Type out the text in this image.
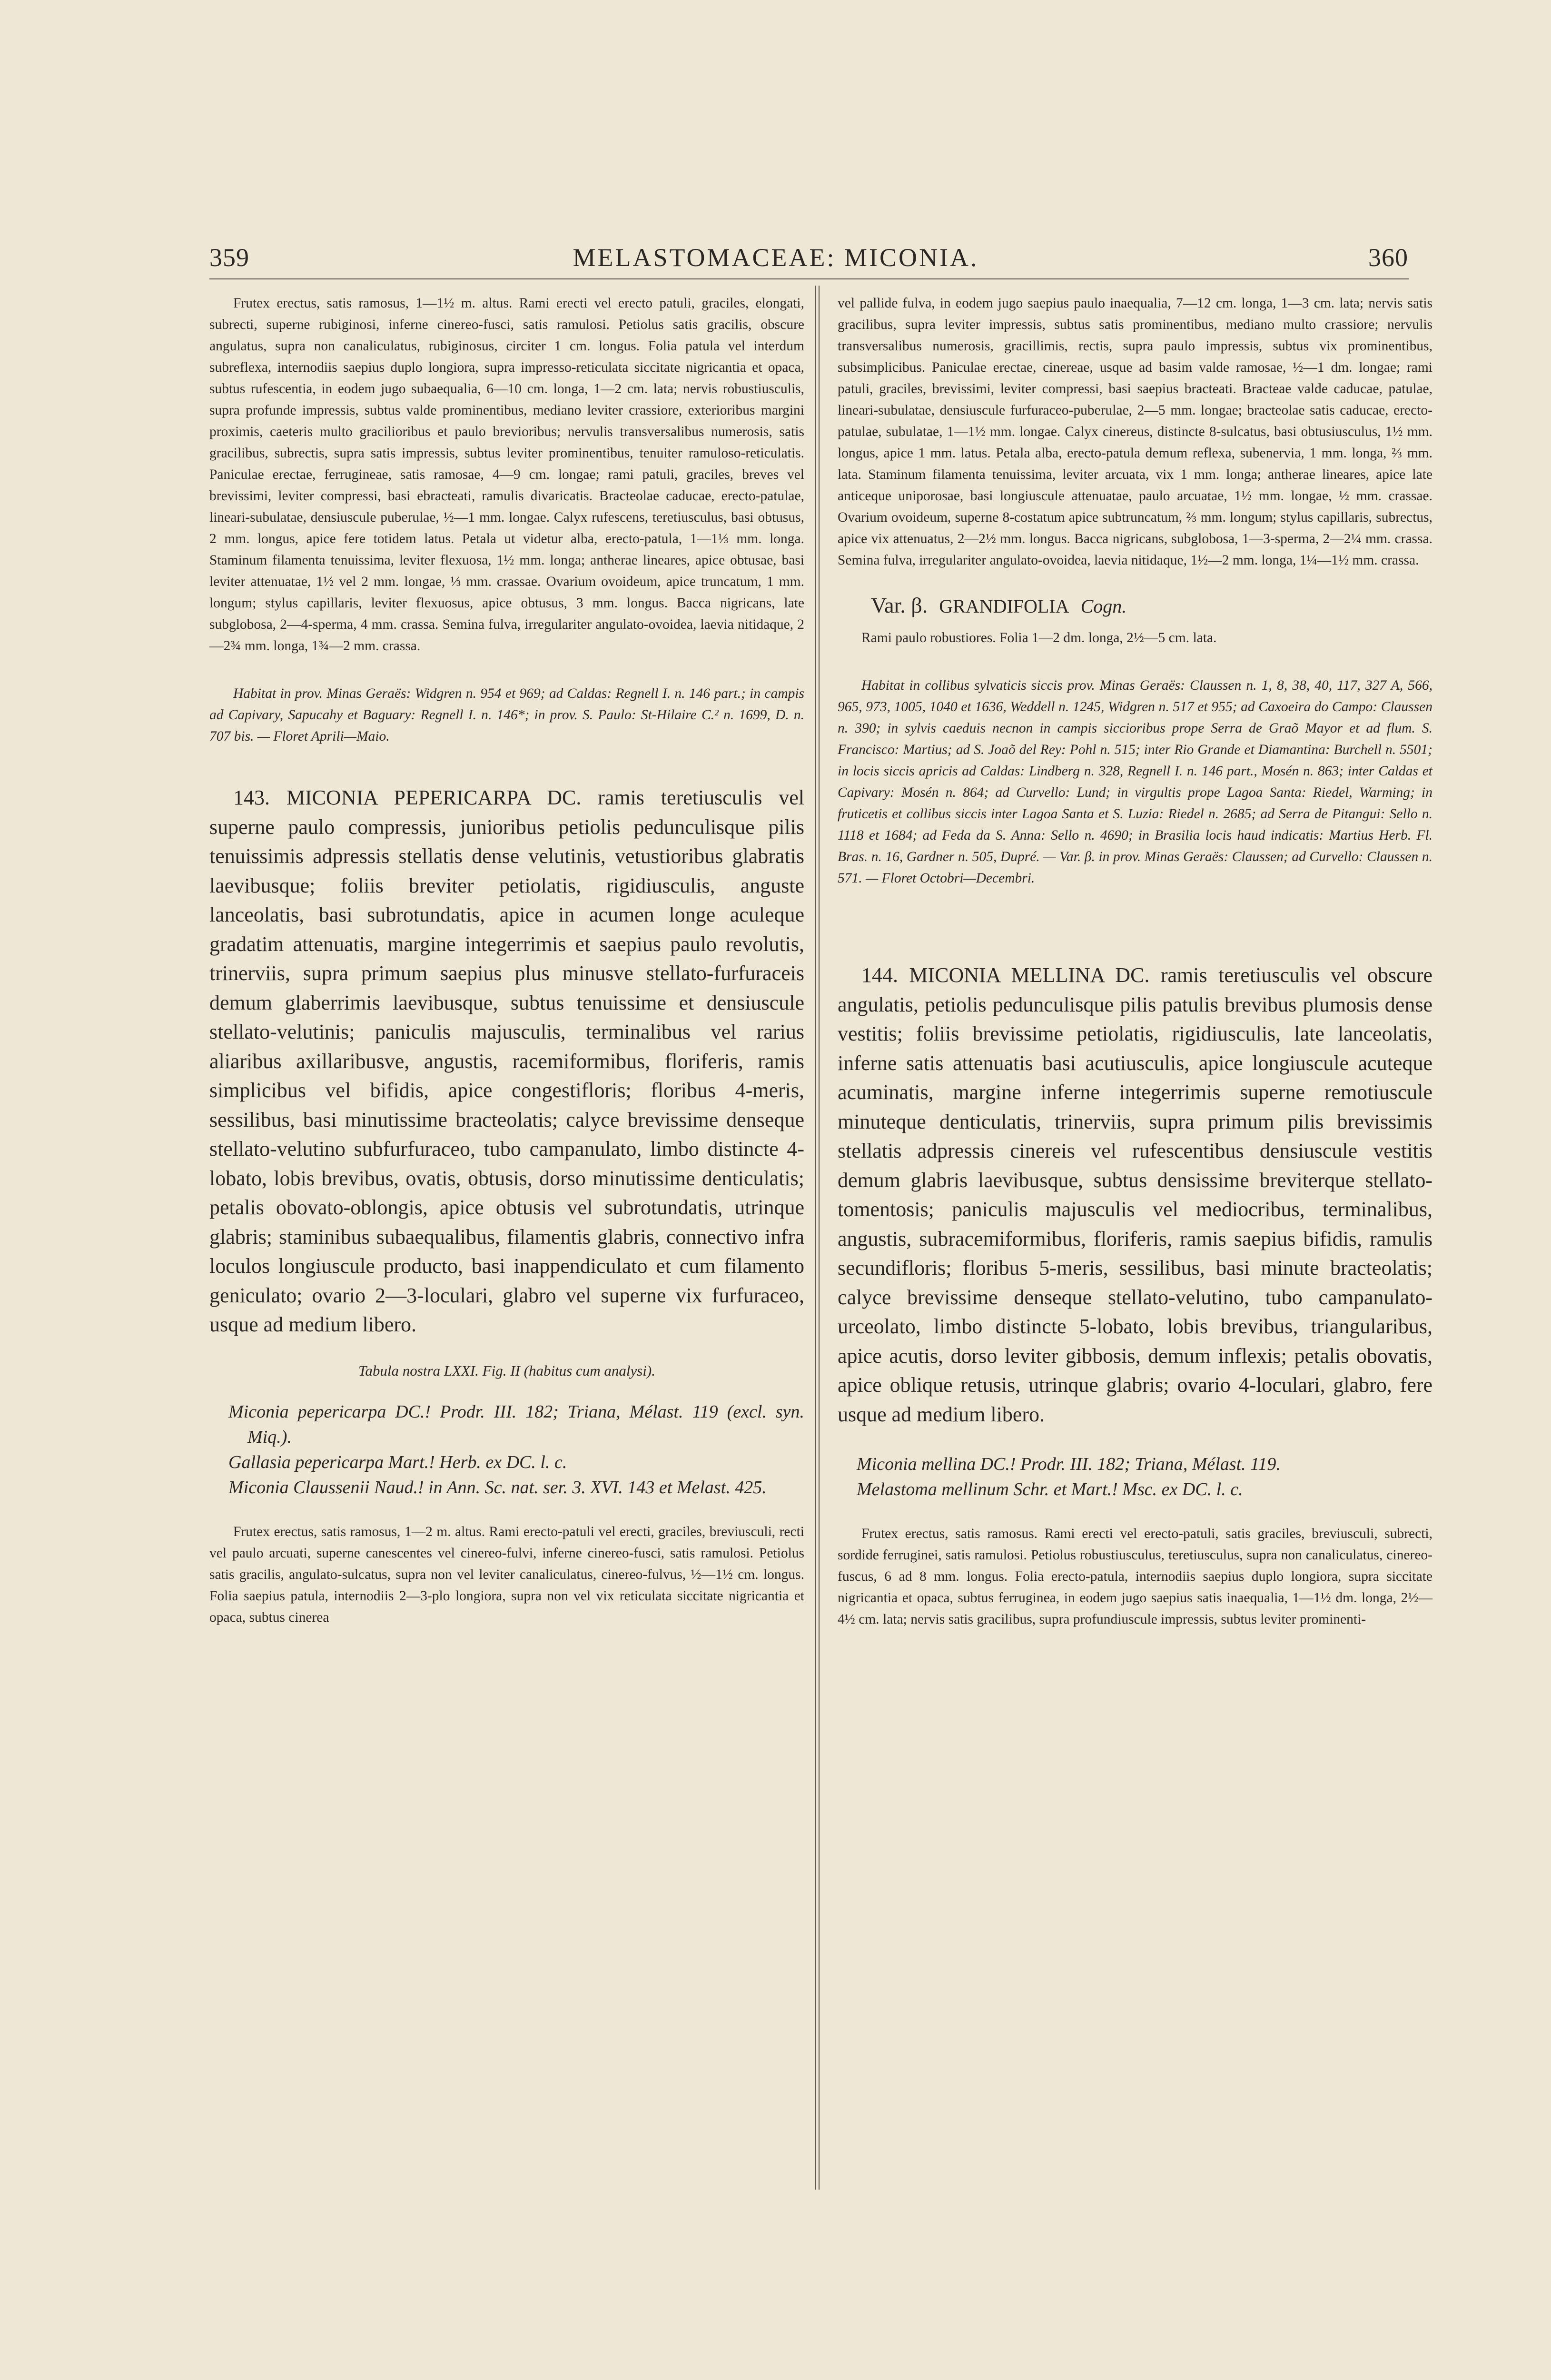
359	MELASTOMACEAE: MICONIA.	360

Frutex erectus, satis ramosus, 1—1½ m. altus. Rami erecti vel erecto patuli, graciles, elongati, subrecti, superne rubiginosi, inferne cinereo-fusci, satis ramulosi. Petiolus satis gracilis, obscure angulatus, supra non canaliculatus, rubiginosus, circiter 1 cm. longus. Folia patula vel interdum subreflexa, internodiis saepius duplo longiora, supra impresso-reticulata siccitate nigricantia et opaca, subtus rufescentia, in eodem jugo subaequalia, 6—10 cm. longa, 1—2 cm. lata; nervis robustiusculis, supra profunde impressis, subtus valde prominentibus, mediano leviter crassiore, exterioribus margini proximis, caeteris multo gracilioribus et paulo brevioribus; nervulis transversalibus numerosis, satis gracilibus, subrectis, supra satis impressis, subtus leviter prominentibus, tenuiter ramuloso-reticulatis. Paniculae erectae, ferrugineae, satis ramosae, 4—9 cm. longae; rami patuli, graciles, breves vel brevissimi, leviter compressi, basi ebracteati, ramulis divaricatis. Bracteolae caducae, erecto-patulae, lineari-subulatae, densiuscule puberulae, ½—1 mm. longae. Calyx rufescens, teretiusculus, basi obtusus, 2 mm. longus, apice fere totidem latus. Petala ut videtur alba, erecto-patula, 1—1⅓ mm. longa. Staminum filamenta tenuissima, leviter flexuosa, 1½ mm. longa; antherae lineares, apice obtusae, basi leviter attenuatae, 1½ vel 2 mm. longae, ⅓ mm. crassae. Ovarium ovoideum, apice truncatum, 1 mm. longum; stylus capillaris, leviter flexuosus, apice obtusus, 3 mm. longus. Bacca nigricans, late subglobosa, 2—4-sperma, 4 mm. crassa. Semina fulva, irregulariter angulato-ovoidea, laevia nitidaque, 2—2¾ mm. longa, 1¾—2 mm. crassa.

Habitat in prov. Minas Geraës: Widgren n. 954 et 969; ad Caldas: Regnell I. n. 146 part.; in campis ad Capivary, Sapucahy et Baguary: Regnell I. n. 146*; in prov. S. Paulo: St-Hilaire C.² n. 1699, D. n. 707 bis. — Floret Aprili—Maio.

143. MICONIA PEPERICARPA DC. ramis teretiusculis vel superne paulo compressis, junioribus petiolis pedunculisque pilis tenuissimis adpressis stellatis dense velutinis, vetustioribus glabratis laevibusque; foliis breviter petiolatis, rigidiusculis, anguste lanceolatis, basi subrotundatis, apice in acumen longe aculeque gradatim attenuatis, margine integerrimis et saepius paulo revolutis, trinerviis, supra primum saepius plus minusve stellato-furfuraceis demum glaberrimis laevibusque, subtus tenuissime et densiuscule stellato-velutinis; paniculis majusculis, terminalibus vel rarius aliaribus axillaribusve, angustis, racemiformibus, floriferis, ramis simplicibus vel bifidis, apice congestifloris; floribus 4-meris, sessilibus, basi minutissime bracteolatis; calyce brevissime denseque stellato-velutino subfurfuraceo, tubo campanulato, limbo distincte 4-lobato, lobis brevibus, ovatis, obtusis, dorso minutissime denticulatis; petalis obovato-oblongis, apice obtusis vel subrotundatis, utrinque glabris; staminibus subaequalibus, filamentis glabris, connectivo infra loculos longiuscule producto, basi inappendiculato et cum filamento geniculato; ovario 2—3-loculari, glabro vel superne vix furfuraceo, usque ad medium libero.

Tabula nostra LXXI. Fig. II (habitus cum analysi).

Miconia pepericarpa DC.! Prodr. III. 182; Triana, Mélast. 119 (excl. syn. Miq.).

Gallasia pepericarpa Mart.! Herb. ex DC. l. c.

Miconia Claussenii Naud.! in Ann. Sc. nat. ser. 3. XVI. 143 et Melast. 425.

Frutex erectus, satis ramosus, 1—2 m. altus. Rami erecto-patuli vel erecti, graciles, breviusculi, recti vel paulo arcuati, superne canescentes vel cinereo-fulvi, inferne cinereo-fusci, satis ramulosi. Petiolus satis gracilis, angulato-sulcatus, supra non vel leviter canaliculatus, cinereo-fulvus, ½—1½ cm. longus. Folia saepius patula, internodiis 2—3-plo longiora, supra non vel vix reticulata siccitate nigricantia et opaca, subtus cinerea

vel pallide fulva, in eodem jugo saepius paulo inaequalia, 7—12 cm. longa, 1—3 cm. lata; nervis satis gracilibus, supra leviter impressis, subtus satis prominentibus, mediano multo crassiore; nervulis transversalibus numerosis, gracillimis, rectis, supra paulo impressis, subtus vix prominentibus, subsimplicibus. Paniculae erectae, cinereae, usque ad basim valde ramosae, ½—1 dm. longae; rami patuli, graciles, brevissimi, leviter compressi, basi saepius bracteati. Bracteae valde caducae, patulae, lineari-subulatae, densiuscule furfuraceo-puberulae, 2—5 mm. longae; bracteolae satis caducae, erecto-patulae, subulatae, 1—1½ mm. longae. Calyx cinereus, distincte 8-sulcatus, basi obtusiusculus, 1½ mm. longus, apice 1 mm. latus. Petala alba, erecto-patula demum reflexa, subenervia, 1 mm. longa, ⅔ mm. lata. Staminum filamenta tenuissima, leviter arcuata, vix 1 mm. longa; antherae lineares, apice late anticeque uniporosae, basi longiuscule attenuatae, paulo arcuatae, 1½ mm. longae, ½ mm. crassae. Ovarium ovoideum, superne 8-costatum apice subtruncatum, ⅔ mm. longum; stylus capillaris, subrectus, apice vix attenuatus, 2—2½ mm. longus. Bacca nigricans, subglobosa, 1—3-sperma, 2—2¼ mm. crassa. Semina fulva, irregulariter angulato-ovoidea, laevia nitidaque, 1½—2 mm. longa, 1¼—1½ mm. crassa.

Var. β. GRANDIFOLIA Cogn.

Rami paulo robustiores. Folia 1—2 dm. longa, 2½—5 cm. lata.

Habitat in collibus sylvaticis siccis prov. Minas Geraës: Claussen n. 1, 8, 38, 40, 117, 327 A, 566, 965, 973, 1005, 1040 et 1636, Weddell n. 1245, Widgren n. 517 et 955; ad Caxoeira do Campo: Claussen n. 390; in sylvis caeduis necnon in campis siccioribus prope Serra de Graõ Mayor et ad flum. S. Francisco: Martius; ad S. Joaõ del Rey: Pohl n. 515; inter Rio Grande et Diamantina: Burchell n. 5501; in locis siccis apricis ad Caldas: Lindberg n. 328, Regnell I. n. 146 part., Mosén n. 863; inter Caldas et Capivary: Mosén n. 864; ad Curvello: Lund; in virgultis prope Lagoa Santa: Riedel, Warming; in fruticetis et collibus siccis inter Lagoa Santa et S. Luzia: Riedel n. 2685; ad Serra de Pitangui: Sello n. 1118 et 1684; ad Feda da S. Anna: Sello n. 4690; in Brasilia locis haud indicatis: Martius Herb. Fl. Bras. n. 16, Gardner n. 505, Dupré. — Var. β. in prov. Minas Geraës: Claussen; ad Curvello: Claussen n. 571. — Floret Octobri—Decembri.

144. MICONIA MELLINA DC. ramis teretiusculis vel obscure angulatis, petiolis pedunculisque pilis patulis brevibus plumosis dense vestitis; foliis brevissime petiolatis, rigidiusculis, late lanceolatis, inferne satis attenuatis basi acutiusculis, apice longiuscule acuteque acuminatis, margine inferne integerrimis superne remotiuscule minuteque denticulatis, trinerviis, supra primum pilis brevissimis stellatis adpressis cinereis vel rufescentibus densiuscule vestitis demum glabris laevibusque, subtus densissime breviterque stellato-tomentosis; paniculis majusculis vel mediocribus, terminalibus, angustis, subracemiformibus, floriferis, ramis saepius bifidis, ramulis secundifloris; floribus 5-meris, sessilibus, basi minute bracteolatis; calyce brevissime denseque stellato-velutino, tubo campanulato-urceolato, limbo distincte 5-lobato, lobis brevibus, triangularibus, apice acutis, dorso leviter gibbosis, demum inflexis; petalis obovatis, apice oblique retusis, utrinque glabris; ovario 4-loculari, glabro, fere usque ad medium libero.

Miconia mellina DC.! Prodr. III. 182; Triana, Mélast. 119.

Melastoma mellinum Schr. et Mart.! Msc. ex DC. l. c.

Frutex erectus, satis ramosus. Rami erecti vel erecto-patuli, satis graciles, breviusculi, subrecti, sordide ferruginei, satis ramulosi. Petiolus robustiusculus, teretiusculus, supra non canaliculatus, cinereo-fuscus, 6 ad 8 mm. longus. Folia erecto-patula, internodiis saepius duplo longiora, supra siccitate nigricantia et opaca, subtus ferruginea, in eodem jugo saepius satis inaequalia, 1—1½ dm. longa, 2½—4½ cm. lata; nervis satis gracilibus, supra profundiuscule impressis, subtus leviter prominenti-
